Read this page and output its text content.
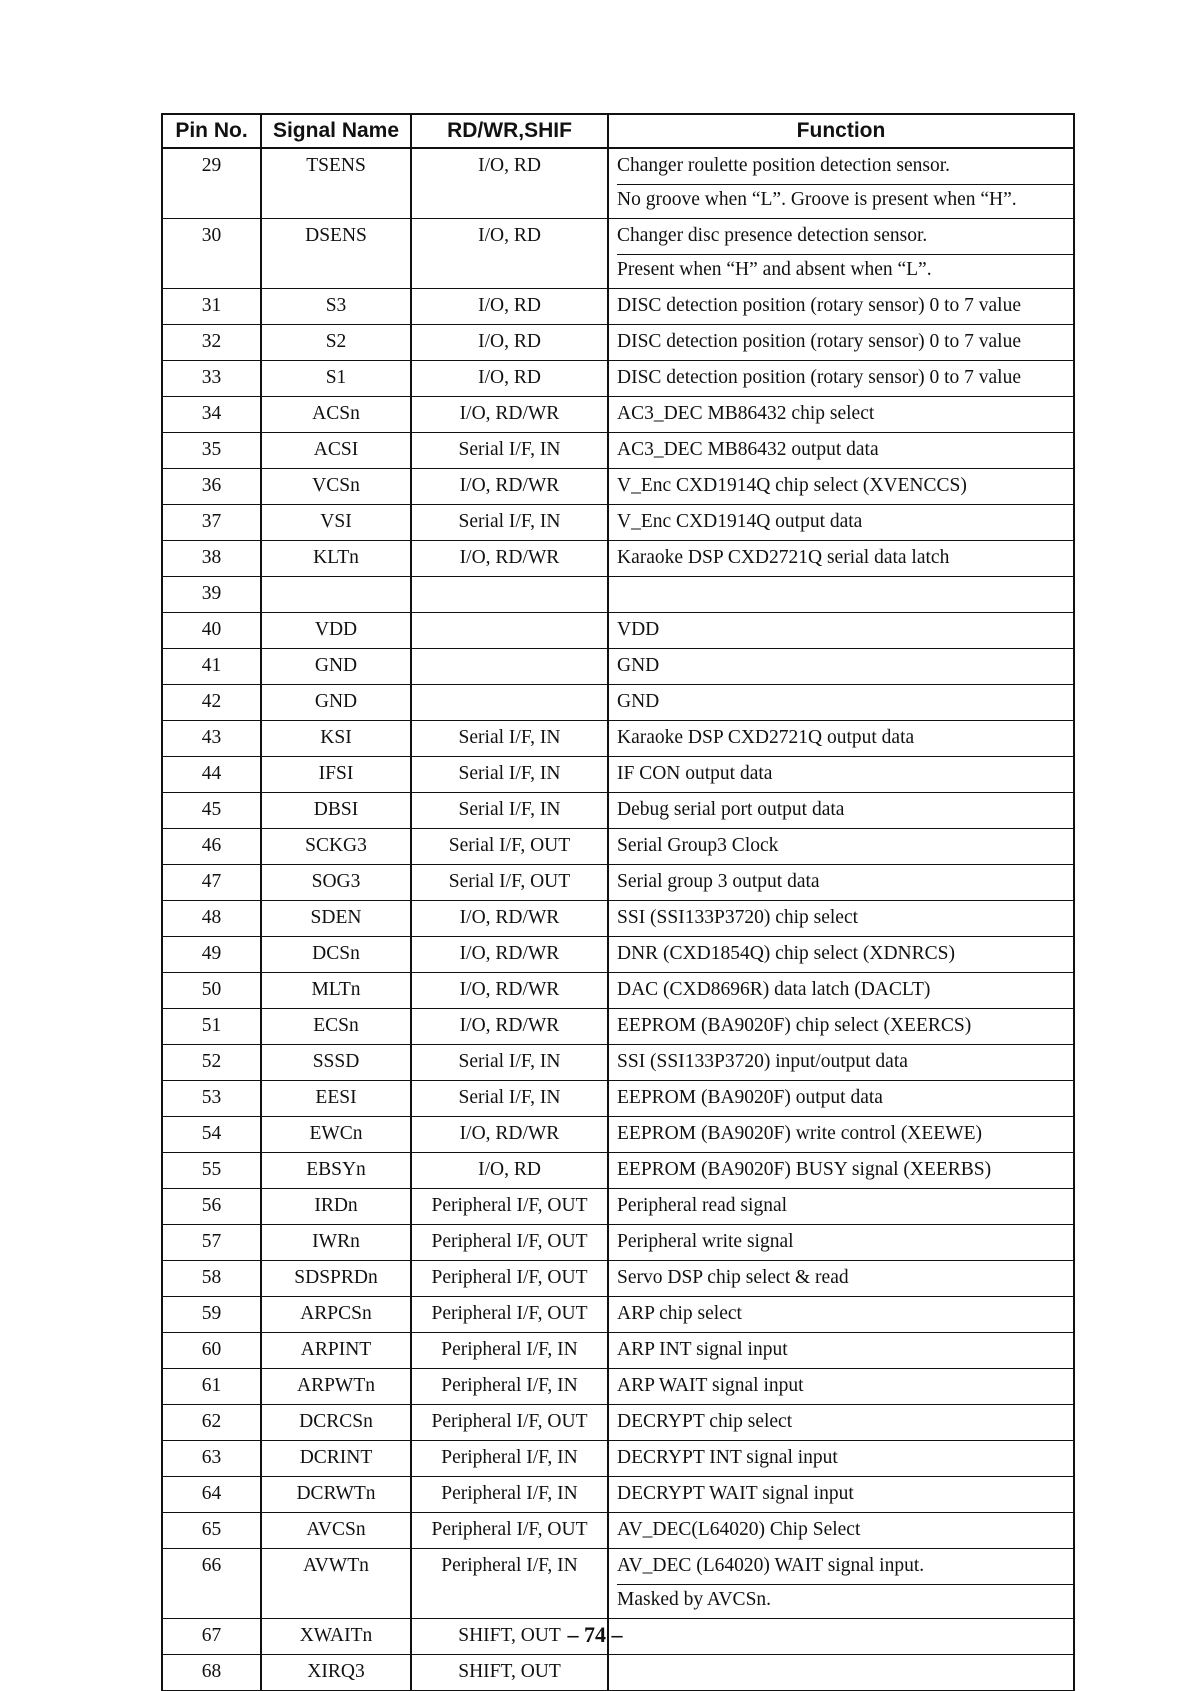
Pin No.	Signal Name	RD/WR,SHIF	Function
29	TSENS	I/O, RD	Changer roulette position detection sensor.
No groove when “L”. Groove is present when “H”.

30	DSENS	I/O, RD	Changer disc presence detection sensor.
Present when “H” and absent when “L”.

31	S3	I/O, RD	DISC detection position (rotary sensor) 0 to 7 value

32	S2	I/O, RD	DISC detection position (rotary sensor) 0 to 7 value

33	S1	I/O, RD	DISC detection position (rotary sensor) 0 to 7 value

34	ACSn	I/O, RD/WR	AC3_DEC MB86432 chip select

35	ACSI	Serial I/F, IN	AC3_DEC MB86432 output data

36	VCSn	I/O, RD/WR	V_Enc CXD1914Q chip select (XVENCCS)

37	VSI	Serial I/F, IN	V_Enc CXD1914Q output data

38	KLTn	I/O, RD/WR	Karaoke DSP CXD2721Q serial data latch

39			

40	VDD		VDD

41	GND		GND

42	GND		GND

43	KSI	Serial I/F, IN	Karaoke DSP CXD2721Q output data

44	IFSI	Serial I/F, IN	IF CON output data

45	DBSI	Serial I/F, IN	Debug serial port output data

46	SCKG3	Serial I/F, OUT	Serial Group3 Clock

47	SOG3	Serial I/F, OUT	Serial group 3 output data

48	SDEN	I/O, RD/WR	SSI (SSI133P3720) chip select

49	DCSn	I/O, RD/WR	DNR (CXD1854Q) chip select (XDNRCS)

50	MLTn	I/O, RD/WR	DAC (CXD8696R) data latch (DACLT)

51	ECSn	I/O, RD/WR	EEPROM (BA9020F) chip select (XEERCS)

52	SSSD	Serial I/F, IN	SSI (SSI133P3720) input/output data

53	EESI	Serial I/F, IN	EEPROM (BA9020F) output data

54	EWCn	I/O, RD/WR	EEPROM (BA9020F) write control (XEEWE)

55	EBSYn	I/O, RD	EEPROM (BA9020F) BUSY signal (XEERBS)

56	IRDn	Peripheral I/F, OUT	Peripheral read signal

57	IWRn	Peripheral I/F, OUT	Peripheral write signal

58	SDSPRDn	Peripheral I/F, OUT	Servo DSP chip select & read

59	ARPCSn	Peripheral I/F, OUT	ARP chip select

60	ARPINT	Peripheral I/F, IN	ARP INT signal input

61	ARPWTn	Peripheral I/F, IN	ARP WAIT signal input

62	DCRCSn	Peripheral I/F, OUT	DECRYPT chip select

63	DCRINT	Peripheral I/F, IN	DECRYPT INT signal input

64	DCRWTn	Peripheral I/F, IN	DECRYPT WAIT signal input

65	AVCSn	Peripheral I/F, OUT	AV_DEC(L64020) Chip Select

66	AVWTn	Peripheral I/F, IN	AV_DEC (L64020) WAIT signal input.
Masked by AVCSn.

67	XWAITn	SHIFT, OUT	

68	XIRQ3	SHIFT, OUT	
– 74 –
